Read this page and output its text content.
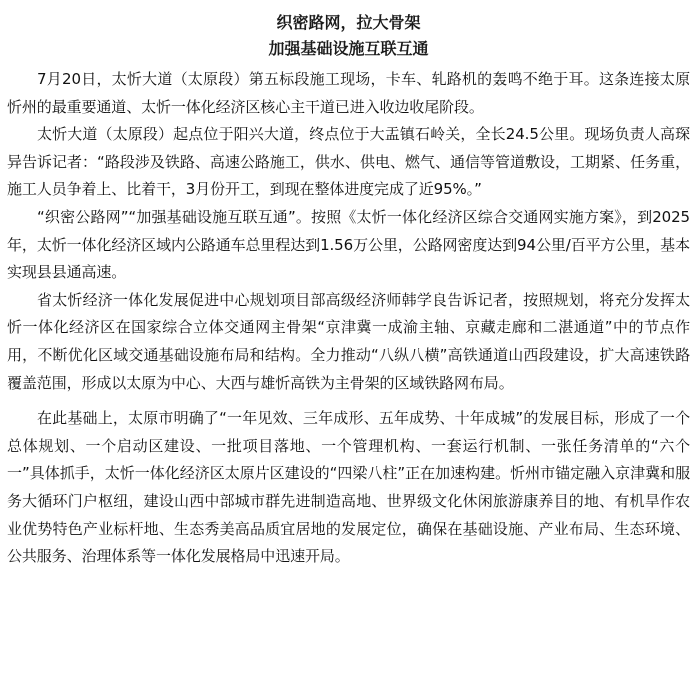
织密路网，拉大骨架
加强基础设施互联互通

7月20日，太忻大道（太原段）第五标段施工现场，卡车、轧路机的轰鸣不绝于耳。这条连接太原忻州的最重要通道、太忻一体化经济区核心主干道已进入收边收尾阶段。

太忻大道（太原段）起点位于阳兴大道，终点位于大盂镇石岭关，全长24.5公里。现场负责人高琛异告诉记者：“路段涉及铁路、高速公路施工，供水、供电、燃气、通信等管道敷设，工期紧、任务重，施工人员争着上、比着干，3月份开工，到现在整体进度完成了近95%。”

“织密公路网”“加强基础设施互联互通”。按照《太忻一体化经济区综合交通网实施方案》，到2025年，太忻一体化经济区域内公路通车总里程达到1.56万公里，公路网密度达到94公里/百平方公里，基本实现县县通高速。

省太忻经济一体化发展促进中心规划项目部高级经济师韩学良告诉记者，按照规划，将充分发挥太忻一体化经济区在国家综合立体交通网主骨架“京津冀一成渝主轴、京藏走廊和二湛通道”中的节点作用，不断优化区域交通基础设施布局和结构。全力推动“八纵八横”高铁通道山西段建设，扩大高速铁路覆盖范围，形成以太原为中心、大西与雄忻高铁为主骨架的区域铁路网布局。

在此基础上，太原市明确了“一年见效、三年成形、五年成势、十年成城”的发展目标，形成了一个总体规划、一个启动区建设、一批项目落地、一个管理机构、一套运行机制、一张任务清单的“六个一”具体抓手，太忻一体化经济区太原片区建设的“四梁八柱”正在加速构建。忻州市锚定融入京津冀和服务大循环门户枢纽，建设山西中部城市群先进制造高地、世界级文化休闲旅游康养目的地、有机旱作农业优势特色产业标杆地、生态秀美高品质宜居地的发展定位，确保在基础设施、产业布局、生态环境、公共服务、治理体系等一体化发展格局中迅速开局。
